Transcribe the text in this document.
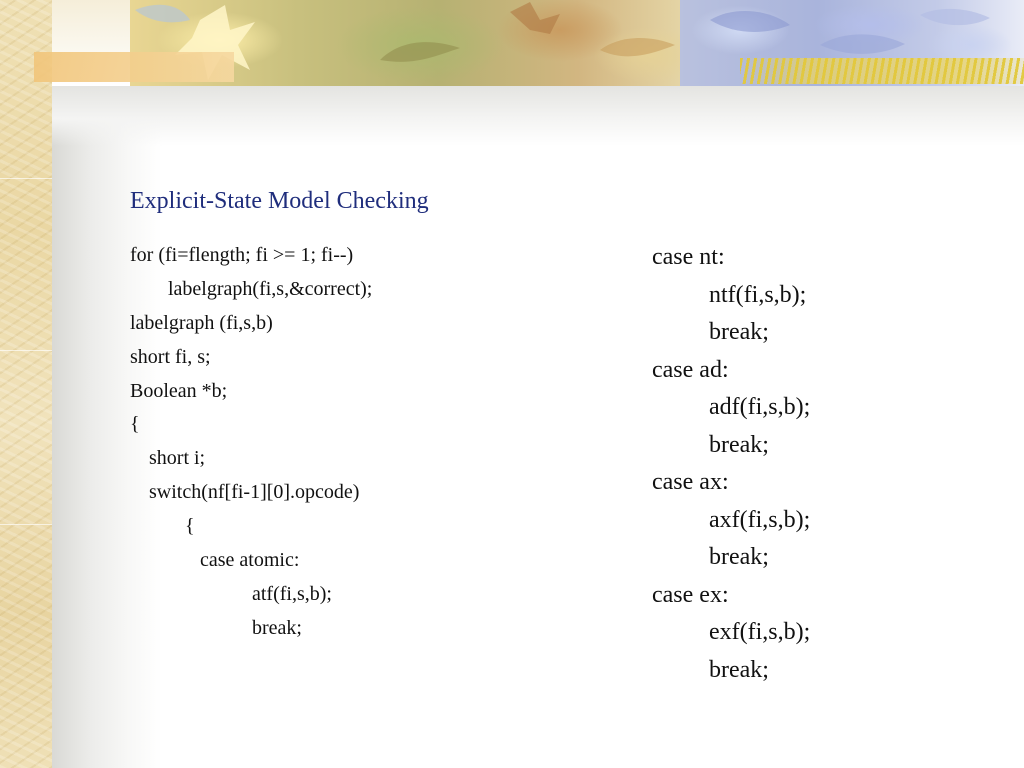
Explicit-State Model Checking
for (fi=flength; fi >= 1; fi--)
labelgraph(fi,s,&correct);
labelgraph (fi,s,b)
short fi, s;
Boolean *b;
{
short i;
switch(nf[fi-1][0].opcode)
{
case atomic:
atf(fi,s,b);
break;
case nt:
ntf(fi,s,b);
break;
case ad:
adf(fi,s,b);
break;
case ax:
axf(fi,s,b);
break;
case ex:
exf(fi,s,b);
break;
